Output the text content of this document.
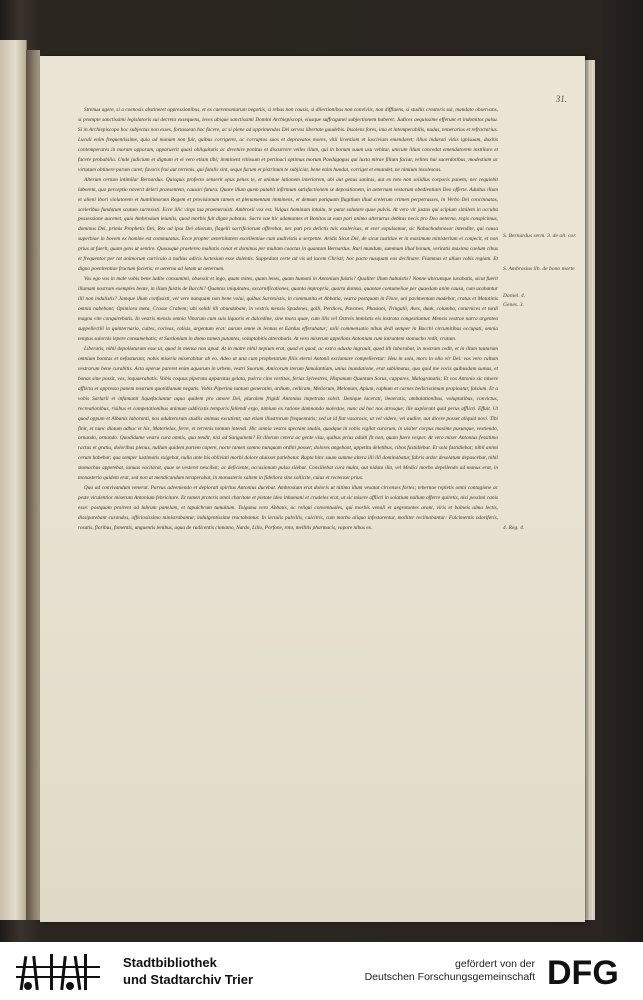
31.

Strenua agere, si a coenosis abstineret oppressionibus, et ex caeremoniarum negotiis, si rebus non causis, si dilectionibus non conviviis, non diffluens, si studiis creatoris sui, mandato observans, si prompte sanctissimi legislatoris sui decreta exsequens, leves ubique sanctissimi Domini Archiepiscopi, eiusque suffraganei subjectionem haberet. Judices aequissime efferunt et indomitos pulsu. Si in Archiepiscopo hoc subjectus non esses, fortassean hoc facere, ac si plene ad opprimendos Dei servos libertate gaudebis. Insolens fores, ima et intemperabilis, nudus, temerarius et refractarius. Luculi enim frequentissime, quia ad manum non fuit, quibus corrigeret, ac corruptos suos et depravatos mores, vitii licentiam et lasciviam emendaret; illius indurati vitiis ignisuam, duxitis contemperares in moram opporam, apparuerit quasi obliquitatis ac devenire ponitus et discurrere velles illum, qui in bonum suum usu vehitur, unicum illum concedat emendatorem instillare et facere probabilia. Unde judicium et dignum et ei vero etiam tibi; imminent vitiosum et pertinaci optimus morum Paedagogus qui iuxta mirae filium faciat, velites hui sacerdotibus, modestiam ac virtutum obtinere parum curet; favoris frui aut terrenis, qui fatalis sint, seque fucum et pistrinum te subjiciat, bene enim hundat, corriget et emandet, ne nimium insolescas.

Alterum certum intimilar Bernardus. Quisquis profecto senserit opus penes te, et animae lationem interiorem, ubi aut genus sanitas, aut ex toto non solidius corporis panem; nec requiebit laborem, quo perceptio noverit deleri praesentem, causari futura. Quare illum quem putabit infirmum satisfactionem se depositionem, in aeternam vestarum obedientiam Deo offerte. Adultus illum et alieni ibori violatorem et humilimorum Regem et provisionum tamen et plenamentum imminens, et demum potiquam flagitium illud scelerum crimen perpetrasses, in Verbo Dei concinnatas, sceleribus fundatum scutum surrexisti. Ecce illic virgo tua praemeruisti. Ambrosii vox est. Vulgus hominum intuitu, te putat salutare quae pulvis. At vero vir justus qui scipium similem in occulta possessione aucenet, quia Ambrosium ieiuniis, quod morbis fuit digne pabatus. Sacro vae hic adamantes et Bonitos ut eum pari animo alterutrus debitas necis pro Deo aeterna, regis conspicimus, dominus Dei, primis Prophetis Dei, Rex ad ipsa Dei aliorum, flagelli sacrificiorum offerebat, nec pati pro delictis tuis exulerisas, et ever expulsamur, sic Nabuchodonosor intendite, qui causa superbiae in bovem ex homine est commutatus. Ecce propter aeternitatem excellentiae cum audivistis a serpente. Aridis Sicut Dei, de sicut iustitiae et in maximum ministerium ei conjecit, et non prius ut fuerit, quam gens ut sentire. Quousque praetereo mallatis conat et dominus per multam coactas in quantam Bernardus. Ruri mundum, summum illud bonum, veritatis maxima caelum cibus et frequentor per tot animorum curriculo a nullius adicis luctesium esse dolentis. Suppedant certe ad vis ad lucem Christi; hoc pacto nusquam eos declinare. Flammas et ullum vobis regiam. Et digno poenitentiae fructum facietis; et aeterna ad latam ut aeternum.

Vos ego vos in male vobis bene ludite consumimi, obsessit et ingo, quam mites, quam lenes, quam humani in Antonium fuistis? Qualiter illum habuistis? Nonne ubicumque iuvabatis, sicut fuerit illumam nostram exemples beate, in illum fuistis de Bacchi? Quantas iniquitates, excarnificationes, quanta impropria, quarta damna, quantae contumeliae per quaedam anim causa, cum ucabantur illi non indulistis? Jamque illum confusisti, vel vere nunquam non bene volui, quibus Surrexistis, in communita et Abbatia, vestra postquam in Flore, uni pavimentum madebat, cratus et Matutinis omnia nabebant; Opimiora meta, Crasse Crabem; ubi solidi illi abundabant, in vestris mensis Spadones, galli, Perdices, Pavones, Phasiani, Tringalli, Aves, duuk, columba, coturnices et turdi magna vite conquirebatis. In vestris mensis omnia Vinorum cum suis liquoris et dulcedine, sine mora quae, cum illis vel Ostreis immixtis eis instrata congestiuntur. Mensis vestrae narra argentea suppellectili in quinternario, cultes, cocleas, calisis, argentum erat: aurum omne in lennas et Eardus efferabatur; solii commensatio nibus dedi semper in Bacchi circumitibus occupati, omnia tempus salornis lepere consumebatis; et Sardonium in domo tamen putantes, voluptabitis alterabatis. At vero miserum appellans Antonium cum latrantem stomacho redit, crutum.

Liberatis, nihil depoliaturum esse ut, quod in mensa non apud. At in matre nihil nepium erat, quod et quod, ac extra adusta ingrauit, quod illi laborabat, in nostram cedit, et in illum tautarum omnium bonitas et nefasturam; nobis miseria miserabitur ab eo. Adeo ut una cum prophetarum filiis eterni Antonii exclamare compelleretur: Heu in sola, mors in olla vir Dei: vos vero cultum vestrarum bene curabitis. Acta operae pareret enim aquarum in urbem, vestri Suorum, Amicorum iterum famulantiam, unius inundatione, erat sublimatus, quo quid me vocis quibusdam sumus, et bonas sine possit, vos, inquaerabatis. Vobis coquus piperata apparatus gelata, pulcra cino vertitas, ferias Sylvestres, Hispanum Quantum Sorus, cappares, Malogranatis; Et vos Antonio sic misere afflicta et oppresso panem nostrum quotidianum negatis. Vobis Piperina tantum generatim, ardium, cellicam, Meliorum, Melonum, Apium, raphum et carnes bellicissimum propinatur, falsium. Et a vobis Sarlarii et infamanti liquefaciuntur aqua quidem pro amore Dei, pluralem frigidi Antonius impetrata solvit. Denique lacerati, ileaeratis, ambulationibus, voluptatibus, convictus, recreationibus, risibus et competationibus animum addicistis temporis fallendi ergo, nimium ex ratione damnando molestae, nunc ad hoc nos atrosque; ille uxplorant quid perus afflicti. Effuit. Ut quod oppum et Albanis laboranti, nos adulterorum studiis animus excutient; aut etiam illustrorum frequentatis; sed ut id fiat vasarosis, ut vel videre, vel audire, aut dicere posset aliquid novi. Tibi finit, et nunc diatum adhuc et his, Materielas, ferre, et terrenis tantum intendi. Hic omnia vestra spectant studia, quodque in vobis vigilat curarum, in uisiter corpus maxime pusunque, vestiendo, ornando, ornando. Quodidame vestra cura omnis, qua tendit, nisi ad Sanguinem? Et illorum cetera ac gente visu, quibus prius adulti fit non, quam fuere vesper. At vero miser Antonius fessitimo ractus et gratia, doloribus plenus, nullum quidem partem capere, nocte tamen somno nunquam ordini posset; dolores angebant, appetitu deletibus, cibos fastidiebat. Et sola fastidiebat; nihil animi cerum habebat; qua semper iustimatis exigebat, nulla ante his obliviati morbi dolore aluisset patiebatur. Rupta hinc suum summe altera illi illi dominabatur, fabris ardor desolatum depascebat, nihil stomachus appetebat, ianuas vacitarat, quae se vesteret nescibat; ac deficiente, occasionum pulsu silebat. Consiliebat cura multa, aut nidata illa, vel Medici morbo depellendo ad manus erat, in monasterio quidem erat, sed non at mendicandum teraperabat, in monasterio saltem in fideliora sine sollicite, cuius et rectenset prius.

Quo ad convivandum venerat. Parvus adveniendo et deplorati spiritus Antonius ducebat. Ambrosium erat doloris ut nitima illum vexatat circenses fortes; tebernae repletis omni contagione ac peste virulentior miserum Antonium febricitare. Et tamen proteris omni charitate et pietate ideo inhumani et crudeles erat, ut sic misere afflicti in solatium nullum offerre quiretis, nisi pessimi canis esse: postquam proirent ad labrum panelam, et tapulchrum tumultum. Tolguma vero Abbatis, ac reliqui conventuales, qui morbis venali et aegrotantes arant, viris et balneis alma lectis, dissiparebant curandos, officiosissimo ministrabantur, indulgentissime tractabantur. In lectulis pulvillis, culcitris, cum morbo aliquo infestarentur, molliter reclinabantur: Fulcimentis odoriferis, rosatis, floribus, fomentis, unguentis lenibus, aqua de radicentis cinnamo, Nardo, Lilio, Porfone, roto, mellitis pharmacis, vapore nibus ex.

S. Bernardus serm. 3. de alt. cor.
S. Ambrosius lib. de bono morte
Daniel. 4.
Genes. 3.
4. Reg. 4.
Stadtbibliothek
und Stadtarchiv Trier
gefördert von der
Deutschen Forschungsgemeinschaft DFG
